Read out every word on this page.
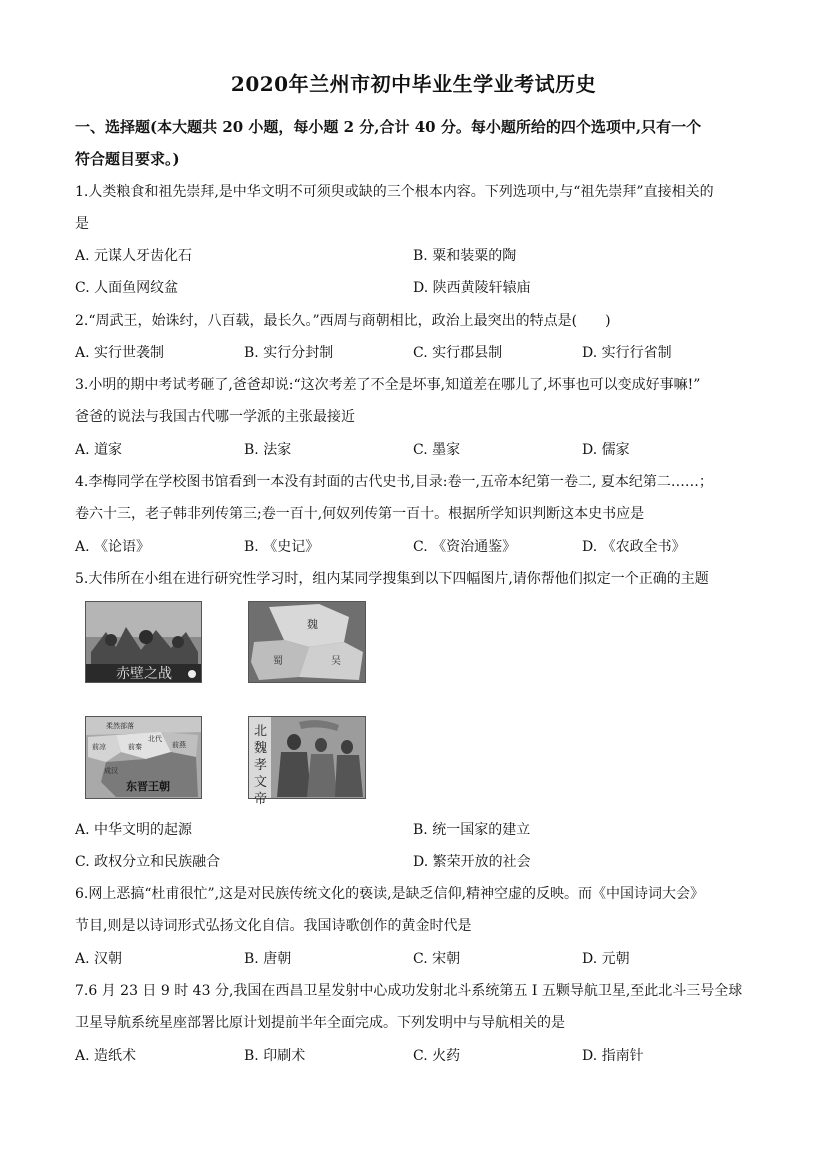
2020年兰州市初中毕业生学业考试历史
一、选择题(本大题共 20 小题，每小题 2 分,合计 40 分。每小题所给的四个选项中,只有一个
符合题目要求。)
1.人类粮食和祖先崇拜,是中华文明不可须臾或缺的三个根本内容。下列选项中,与“祖先崇拜”直接相关的
是
A. 元谋人牙齿化石	B. 粟和装粟的陶
C. 人面鱼网纹盆	D. 陕西黄陵轩辕庙
2.“周武王，始诛纣，八百载，最长久。”西周与商朝相比，政治上最突出的特点是(　　)
A. 实行世袭制	B. 实行分封制	C. 实行郡县制	D. 实行行省制
3.小明的期中考试考砸了,爸爸却说:“这次考差了不全是坏事,知道差在哪儿了,坏事也可以变成好事嘛!”
爸爸的说法与我国古代哪一学派的主张最接近
A. 道家	B. 法家	C. 墨家	D. 儒家
4.李梅同学在学校图书馆看到一本没有封面的古代史书,目录:卷一,五帝本纪第一卷二, 夏本纪第二……；
卷六十三，老子韩非列传第三;卷一百十,何奴列传第一百十。根据所学知识判断这本史书应是
A. 《论语》	B. 《史记》	C. 《资治通鉴》	D. 《农政全书》
5.大伟所在小组在进行研究性学习时，组内某同学搜集到以下四幅图片,请你帮他们拟定一个正确的主题
赤壁之战
魏
蜀	吴
东晋王朝
前秦
北代
前燕
前凉
成汉
柔然部落	北 魏 孝 文 帝
A. 中华文明的起源	B. 统一国家的建立
C. 政权分立和民族融合	D. 繁荣开放的社会
6.网上恶搞“杜甫很忙”,这是对民族传统文化的亵读,是缺乏信仰,精神空虚的反映。而《中国诗词大会》
节目,则是以诗词形式弘扬文化自信。我国诗歌创作的黄金时代是
A. 汉朝	B. 唐朝	C. 宋朝	D. 元朝
7.6 月 23 日 9 时 43 分,我国在西昌卫星发射中心成功发射北斗系统第五 I 五颗导航卫星,至此北斗三号全球
卫星导航系统星座部署比原计划提前半年全面完成。下列发明中与导航相关的是
A. 造纸术	B. 印刷术	C. 火药	D. 指南针
